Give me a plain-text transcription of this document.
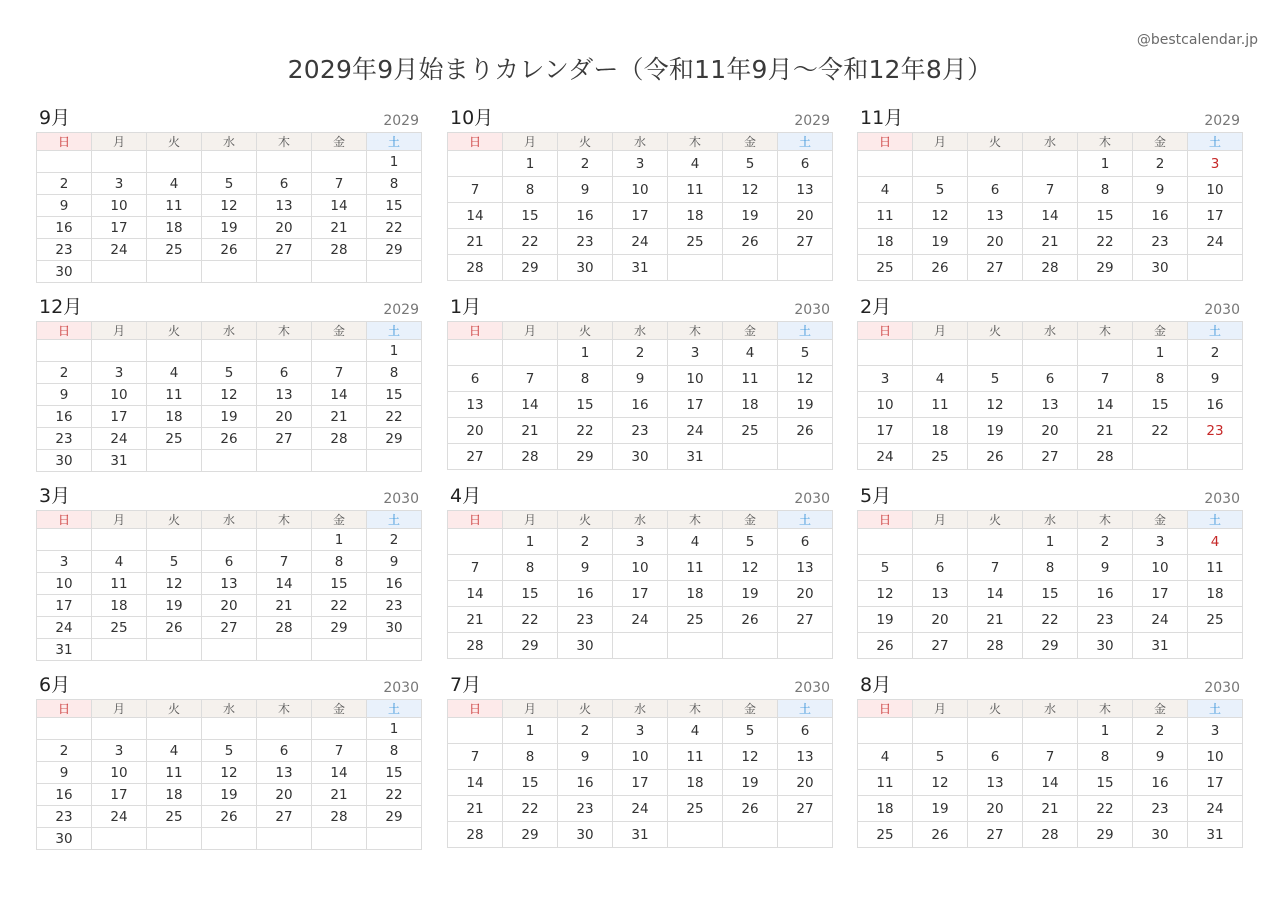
@bestcalendar.jp
2029年9月始まりカレンダー（令和11年9月〜令和12年8月）
9月	2029
日	月	火	水	木	金	土
						1
2	3	4	5	6	7	8
9	10	11	12	13	14	15
16	17	18	19	20	21	22
23	24	25	26	27	28	29
30						
10月	2029
日	月	火	水	木	金	土
	1	2	3	4	5	6
7	8	9	10	11	12	13
14	15	16	17	18	19	20
21	22	23	24	25	26	27
28	29	30	31			
11月	2029
日	月	火	水	木	金	土
				1	2	3
4	5	6	7	8	9	10
11	12	13	14	15	16	17
18	19	20	21	22	23	24
25	26	27	28	29	30	
12月	2029
日	月	火	水	木	金	土
						1
2	3	4	5	6	7	8
9	10	11	12	13	14	15
16	17	18	19	20	21	22
23	24	25	26	27	28	29
30	31					
1月	2030
日	月	火	水	木	金	土
		1	2	3	4	5
6	7	8	9	10	11	12
13	14	15	16	17	18	19
20	21	22	23	24	25	26
27	28	29	30	31		
2月	2030
日	月	火	水	木	金	土
					1	2
3	4	5	6	7	8	9
10	11	12	13	14	15	16
17	18	19	20	21	22	23
24	25	26	27	28		
3月	2030
日	月	火	水	木	金	土
					1	2
3	4	5	6	7	8	9
10	11	12	13	14	15	16
17	18	19	20	21	22	23
24	25	26	27	28	29	30
31						
4月	2030
日	月	火	水	木	金	土
	1	2	3	4	5	6
7	8	9	10	11	12	13
14	15	16	17	18	19	20
21	22	23	24	25	26	27
28	29	30				
5月	2030
日	月	火	水	木	金	土
			1	2	3	4
5	6	7	8	9	10	11
12	13	14	15	16	17	18
19	20	21	22	23	24	25
26	27	28	29	30	31	
6月	2030
日	月	火	水	木	金	土
						1
2	3	4	5	6	7	8
9	10	11	12	13	14	15
16	17	18	19	20	21	22
23	24	25	26	27	28	29
30						
7月	2030
日	月	火	水	木	金	土
	1	2	3	4	5	6
7	8	9	10	11	12	13
14	15	16	17	18	19	20
21	22	23	24	25	26	27
28	29	30	31			
8月	2030
日	月	火	水	木	金	土
				1	2	3
4	5	6	7	8	9	10
11	12	13	14	15	16	17
18	19	20	21	22	23	24
25	26	27	28	29	30	31
